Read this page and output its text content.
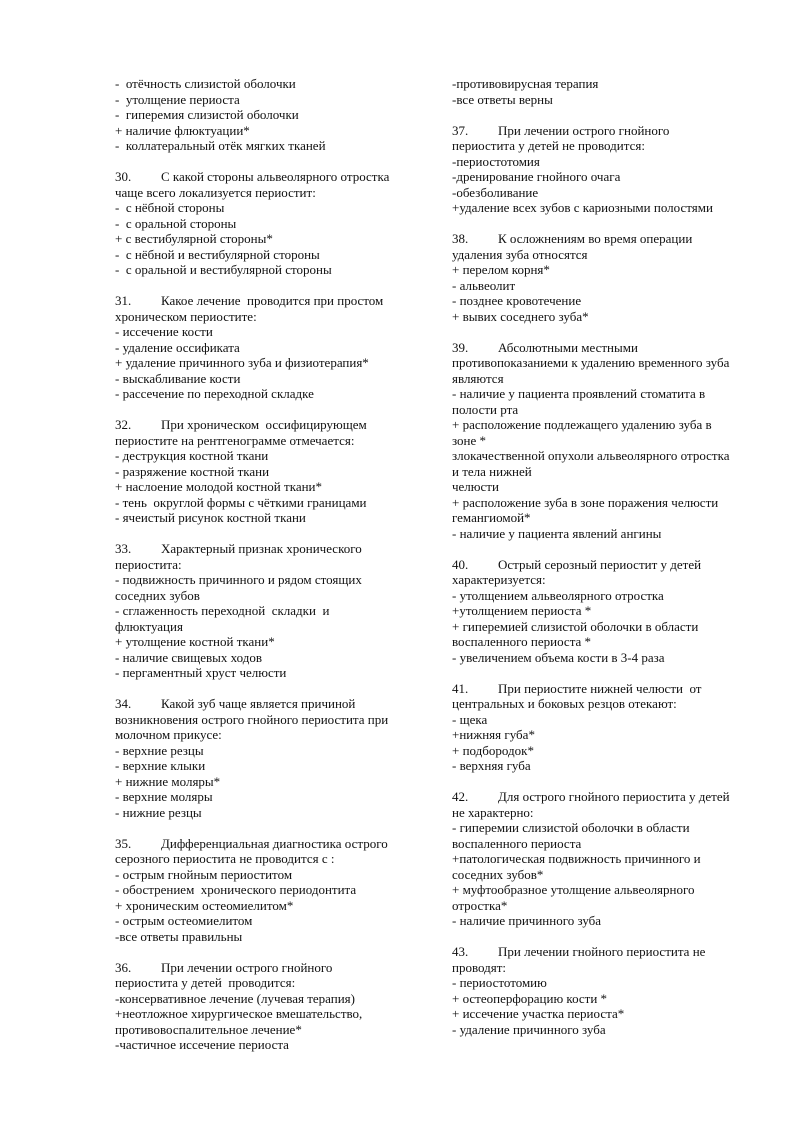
-  отёчность слизистой оболочки
-  утолщение периоста
-  гиперемия слизистой оболочки
+ наличие флюктуации*
-  коллатеральный отёк мягких тканей
30. С какой стороны альвеолярного отростка
чаще всего локализуется периостит:
-  с нёбной стороны
-  с оральной стороны
+ с вестибулярной стороны*
-  с нёбной и вестибулярной стороны
-  с оральной и вестибулярной стороны
31. Какое лечение  проводится при простом
хроническом периостите:
- иссечение кости
- удаление оссификата
+ удаление причинного зуба и физиотерапия*
- выскабливание кости
- рассечение по переходной складке
32. При хроническом  оссифицирующем
периостите на рентгенограмме отмечается:
- деструкция костной ткани
- разряжение костной ткани
+ наслоение молодой костной ткани*
- тень  округлой формы с чёткими границами
- ячеистый рисунок костной ткани
33. Характерный признак хронического
периостита:
- подвижность причинного и рядом стоящих
соседних зубов
- сглаженность переходной  складки  и
флюктуация
+ утолщение костной ткани*
- наличие свищевых ходов
- пергаментный хруст челюсти
34. Какой зуб чаще является причиной
возникновения острого гнойного периостита при
молочном прикусе:
- верхние резцы
- верхние клыки
+ нижние моляры*
- верхние моляры
- нижние резцы
35. Дифференциальная диагностика острого
серозного периостита не проводится с :
- острым гнойным периоститом
- обострением  хронического периодонтита
+ хроническим остеомиелитом*
- острым остеомиелитом
-все ответы правильны
36. При лечении острого гнойного
периостита у детей  проводится:
-консервативное лечение (лучевая терапия)
+неотложное хирургическое вмешательство,
противовоспалительное лечение*
-частичное иссечение периоста
-противовирусная терапия
-все ответы верны
37. При лечении острого гнойного
периостита у детей не проводится:
-периостотомия
-дренирование гнойного очага
-обезболивание
+удаление всех зубов с кариозными полостями
38. К осложнениям во время операции
удаления зуба относятся
+ перелом корня*
- альвеолит
- позднее кровотечение
+ вывих соседнего зуба*
39. Абсолютными местными
противопоказаниеми к удалению временного зуба
являются
- наличие у пациента проявлений стоматита в
полости рта
+ расположение подлежащего удалению зуба в
зоне *
злокачественной опухоли альвеолярного отростка
и тела нижней
челюсти
+ расположение зуба в зоне поражения челюсти
гемангиомой*
- наличие у пациента явлений ангины
40. Острый серозный периостит у детей
характеризуется:
- утолщением альвеолярного отростка
+утолщением периоста *
+ гиперемией слизистой оболочки в области
воспаленного периоста *
- увеличением объема кости в 3-4 раза
41. При периостите нижней челюсти  от
центральных и боковых резцов отекают:
- щека
+нижняя губа*
+ подбородок*
- верхняя губа
42. Для острого гнойного периостита у детей
не характерно:
- гиперемии слизистой оболочки в области
воспаленного периоста
+патологическая подвижность причинного и
соседних зубов*
+ муфтообразное утолщение альвеолярного
отростка*
- наличие причинного зуба
43. При лечении гнойного периостита не
проводят:
- периостотомию
+ остеоперфорацию кости *
+ иссечение участка периоста*
- удаление причинного зуба
